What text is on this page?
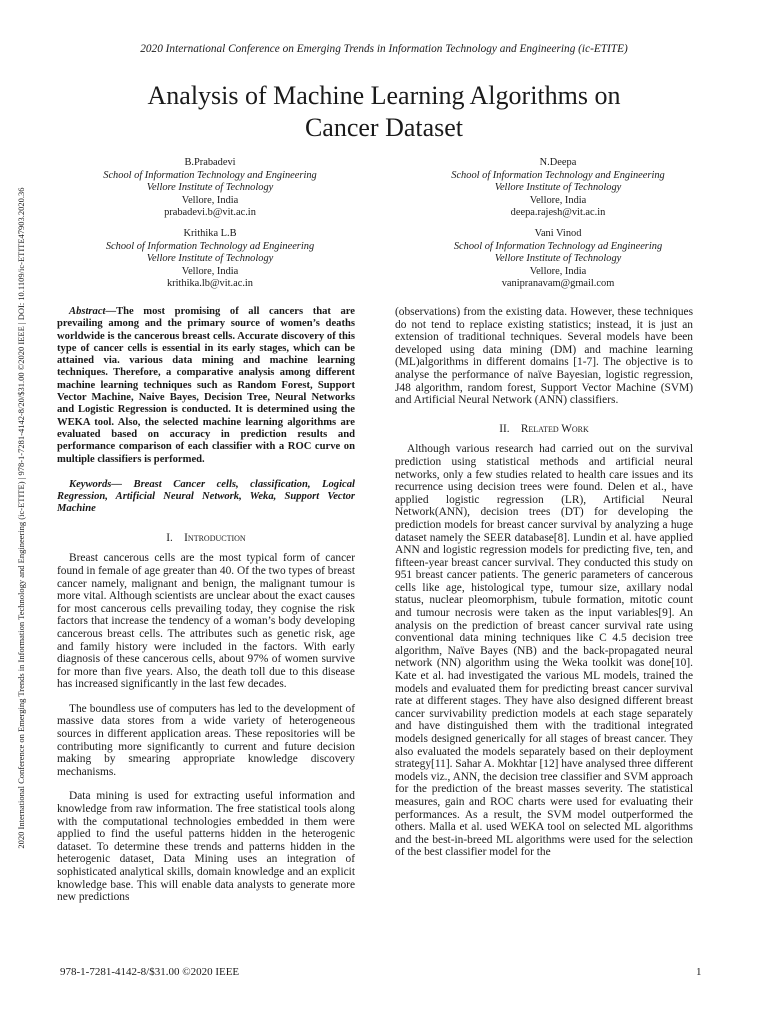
2020 International Conference on Emerging Trends in Information Technology and Engineering (ic-ETITE)
2020 International Conference on Emerging Trends in Information Technology and Engineering (ic-ETITE) | 978-1-7281-4142-8/20/$31.00 ©2020 IEEE | DOI: 10.1109/ic-ETITE47903.2020.36
Analysis of Machine Learning Algorithms on
Cancer Dataset
B.Prabadevi
School of Information Technology and Engineering
Vellore Institute of Technology
Vellore, India
prabadevi.b@vit.ac.in
N.Deepa
School of Information Technology and Engineering
Vellore Institute of Technology
Vellore, India
deepa.rajesh@vit.ac.in
Krithika L.B
School of Information Technology ad Engineering
Vellore Institute of Technology
Vellore, India
krithika.lb@vit.ac.in
Vani Vinod
School of Information Technology ad Engineering
Vellore Institute of Technology
Vellore, India
vanipranavam@gmail.com

Abstract—The most promising of all cancers that are prevailing among and the primary source of women’s deaths worldwide is the cancerous breast cells. Accurate discovery of this type of cancer cells is essential in its early stages, which can be attained via. various data mining and machine learning techniques. Therefore, a comparative analysis among different machine learning techniques such as Random Forest, Support Vector Machine, Naive Bayes, Decision Tree, Neural Networks and Logistic Regression is conducted. It is determined using the WEKA tool. Also, the selected machine learning algorithms are evaluated based on accuracy in prediction results and performance comparison of each classifier with a ROC curve on multiple classifiers is performed.

Keywords— Breast Cancer cells, classification, Logical Regression, Artificial Neural Network, Weka, Support Vector Machine

I. Introduction

Breast cancerous cells are the most typical form of cancer found in female of age greater than 40. Of the two types of breast cancer namely, malignant and benign, the malignant tumour is more vital. Although scientists are unclear about the exact causes for most cancerous cells prevailing today, they cognise the risk factors that increase the tendency of a woman’s body developing cancerous breast cells. The attributes such as genetic risk, age and family history were included in the factors. With early diagnosis of these cancerous cells, about 97% of women survive for more than five years. Also, the death toll due to this disease has increased significantly in the last few decades.

The boundless use of computers has led to the development of massive data stores from a wide variety of heterogeneous sources in different application areas. These repositories will be contributing more significantly to current and future decision making by smearing appropriate knowledge discovery mechanisms.

Data mining is used for extracting useful information and knowledge from raw information. The free statistical tools along with the computational technologies embedded in them were applied to find the useful patterns hidden in the heterogenic dataset. To determine these trends and patterns hidden in the heterogenic dataset, Data Mining uses an integration of sophisticated analytical skills, domain knowledge and an explicit knowledge base. This will enable data analysts to generate more new predictions

(observations) from the existing data. However, these techniques do not tend to replace existing statistics; instead, it is just an extension of traditional techniques. Several models have been developed using data mining (DM) and machine learning (ML)algorithms in different domains [1-7]. The objective is to analyse the performance of naïve Bayesian, logistic regression, J48 algorithm, random forest, Support Vector Machine (SVM) and Artificial Neural Network (ANN) classifiers.

II. Related Work

Although various research had carried out on the survival prediction using statistical methods and artificial neural networks, only a few studies related to health care issues and its recurrence using decision trees were found. Delen et al., have applied logistic regression (LR), Artificial Neural Network(ANN), decision trees (DT) for developing the prediction models for breast cancer survival by analyzing a huge dataset namely the SEER database[8]. Lundin et al. have applied ANN and logistic regression models for predicting five, ten, and fifteen-year breast cancer survival. They conducted this study on 951 breast cancer patients. The generic parameters of cancerous cells like age, histological type, tumour size, axillary nodal status, nuclear pleomorphism, tubule formation, mitotic count and tumour necrosis were taken as the input variables[9]. An analysis on the prediction of breast cancer survival rate using conventional data mining techniques like C 4.5 decision tree algorithm, Naïve Bayes (NB) and the back-propagated neural network (NN) algorithm using the Weka toolkit was done[10]. Kate et al. had investigated the various ML models, trained the models and evaluated them for predicting breast cancer survival rate at different stages. They have also designed different breast cancer survivability prediction models at each stage separately and have distinguished them with the traditional integrated models designed generically for all stages of breast cancer. They also evaluated the models separately based on their deployment strategy[11]. Sahar A. Mokhtar [12] have analysed three different models viz., ANN, the decision tree classifier and SVM approach for the prediction of the breast masses severity. The statistical measures, gain and ROC charts were used for evaluating their performances. As a result, the SVM model outperformed the others. Malla et al. used WEKA tool on selected ML algorithms and the best-in-breed ML algorithms were used for the selection of the best classifier model for the

978-1-7281-4142-8/$31.00 ©2020 IEEE	1
